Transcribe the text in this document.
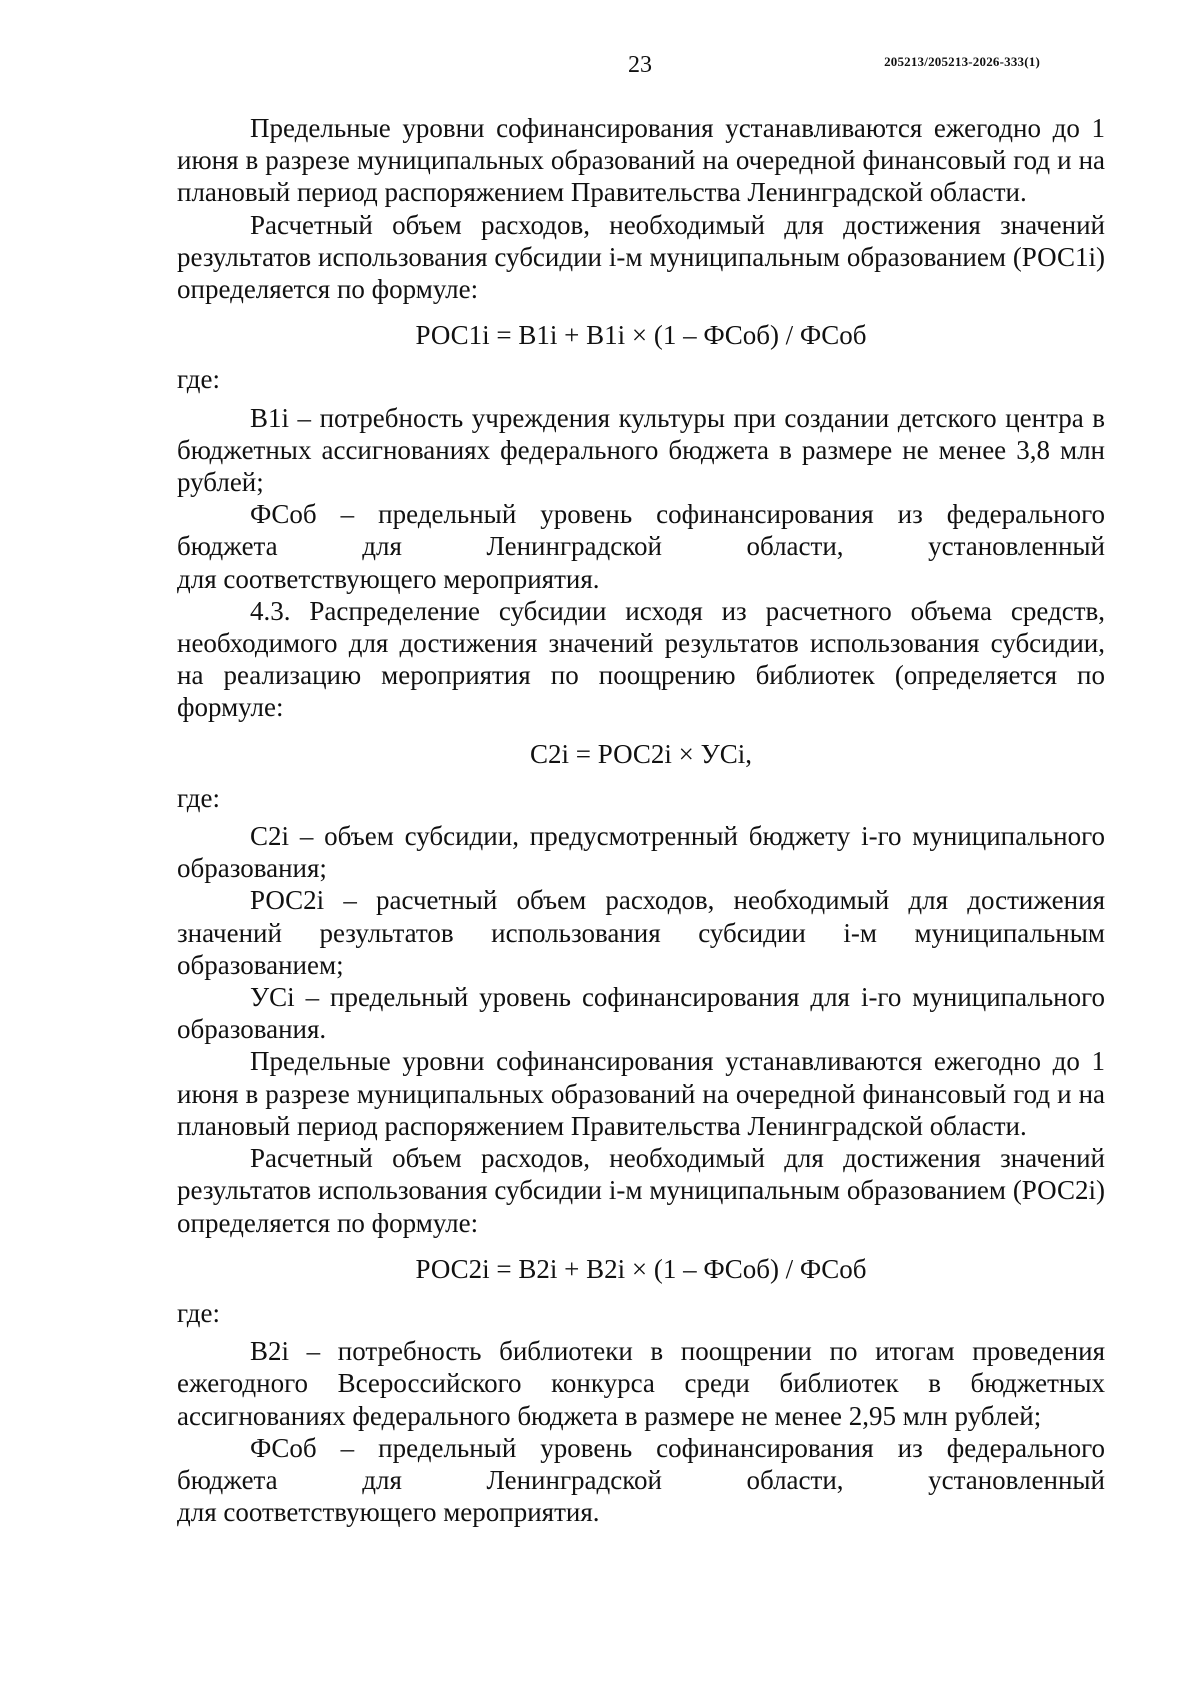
23	205213/205213-2026-333(1)

Предельные уровни софинансирования устанавливаются ежегодно до 1 июня в разрезе муниципальных образований на очередной финансовый год и на плановый период распоряжением Правительства Ленинградской области.

Расчетный объем расходов, необходимый для достижения значений результатов использования субсидии i-м муниципальным образованием (РОС1i) определяется по формуле:

РОС1i = В1i + В1i × (1 – ФСоб) / ФСоб

где:

В1i – потребность учреждения культуры при создании детского центра в бюджетных ассигнованиях федерального бюджета в размере не менее 3,8 млн рублей;

ФСоб – предельный уровень софинансирования из федерального

бюджета для Ленинградской области, установленный

для соответствующего мероприятия.

4.3. Распределение субсидии исходя из расчетного объема средств, необходимого для достижения значений результатов использования субсидии, на реализацию мероприятия по поощрению библиотек (определяется по формуле:

С2i = РОС2i × УСi,

где:

С2i – объем субсидии, предусмотренный бюджету i-го муниципального образования;

РОС2i – расчетный объем расходов, необходимый для достижения значений результатов использования субсидии i-м муниципальным образованием;

УСi – предельный уровень софинансирования для i-го муниципального образования.

Предельные уровни софинансирования устанавливаются ежегодно до 1 июня в разрезе муниципальных образований на очередной финансовый год и на плановый период распоряжением Правительства Ленинградской области.

Расчетный объем расходов, необходимый для достижения значений результатов использования субсидии i-м муниципальным образованием (РОС2i) определяется по формуле:

РОС2i = В2i + В2i × (1 – ФСоб) / ФСоб

где:

В2i – потребность библиотеки в поощрении по итогам проведения ежегодного Всероссийского конкурса среди библиотек в бюджетных ассигнованиях федерального бюджета в размере не менее 2,95 млн рублей;

ФСоб – предельный уровень софинансирования из федерального

бюджета для Ленинградской области, установленный

для соответствующего мероприятия.
